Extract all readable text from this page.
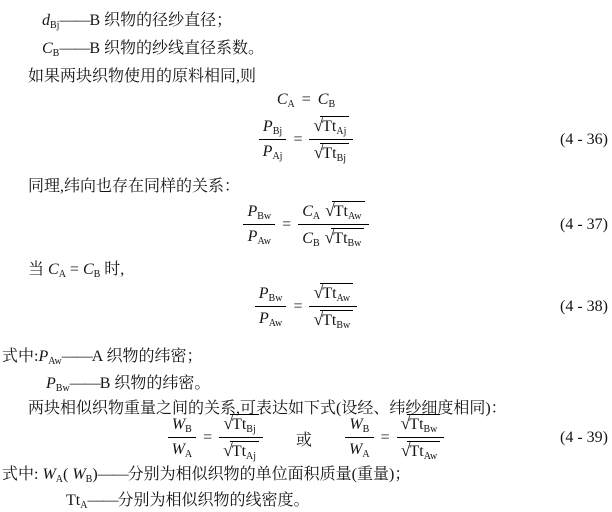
$d_{Bj}——B$ 织物的径纱直径；
$C_B——B$ 织物的纱线直径系数。
如果两块织物使用的原料相同,则
$C_A = C_B$
$\frac{P_{Bj}}{P_{Aj}} = \frac{√Tt_{Aj}}{√Tt_{Bj}}$	(4 - 36)
同理,纬向也存在同样的关系：
$\frac{P_{Bw}}{P_{Aw}} = \frac{C_A √Tt_{Aw}}{C_B √Tt_{Bw}}$	(4 - 37)
当 $C_A = C_B$ 时,
$\frac{P_{Bw}}{P_{Aw}} = \frac{√Tt_{Aw}}{√Tt_{Bw}}$	(4 - 38)
式中$:P_{Aw}——A$ 织物的纬密；
$P_{Bw}——B$ 织物的纬密。
两块相似织物重量之间的关系,可表达如下式(设经、纬纱细度相同)：
$\frac{W_B}{W_A} = \frac{√Tt_{Bj}}{√Tt_{Aj}}$ 或 $\frac{W_B}{W_A} = \frac{√Tt_{Bw}}{√Tt_{Aw}}$	(4 - 39)
式中: $W_A$( $W_B)——$分别为相似织物的单位面积质量(重量)；
$Tt_A——$分别为相似织物的线密度。
